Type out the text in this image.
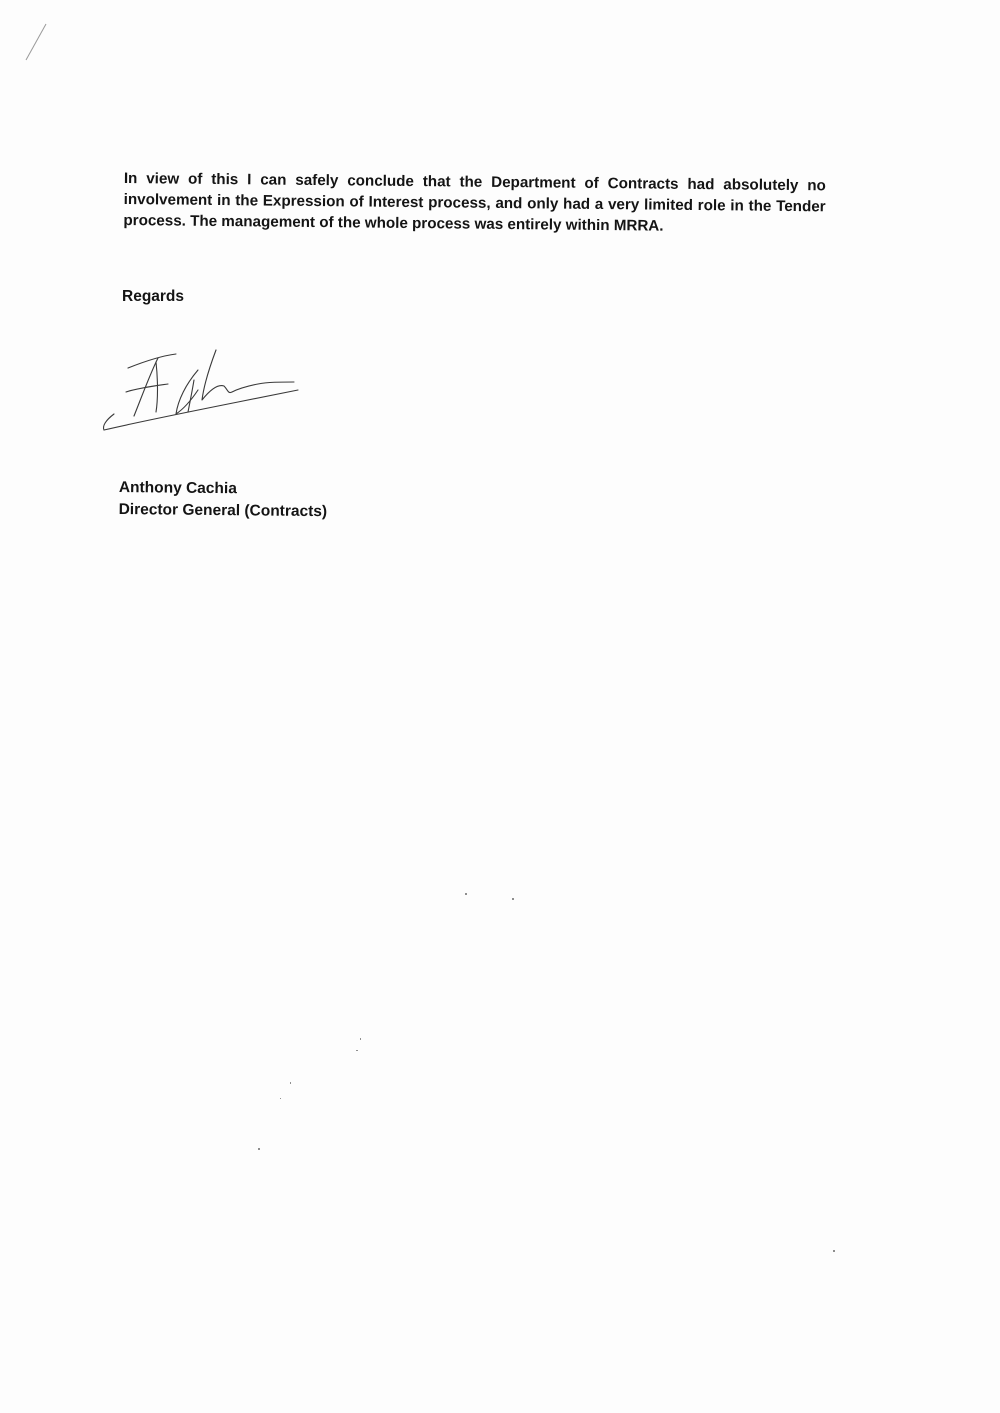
In view of this I can safely conclude that the Department of Contracts had absolutely no involvement in the Expression of Interest process, and only had a very limited role in the Tender process. The management of the whole process was entirely within MRRA.

Regards

Anthony Cachia
Director General (Contracts)
